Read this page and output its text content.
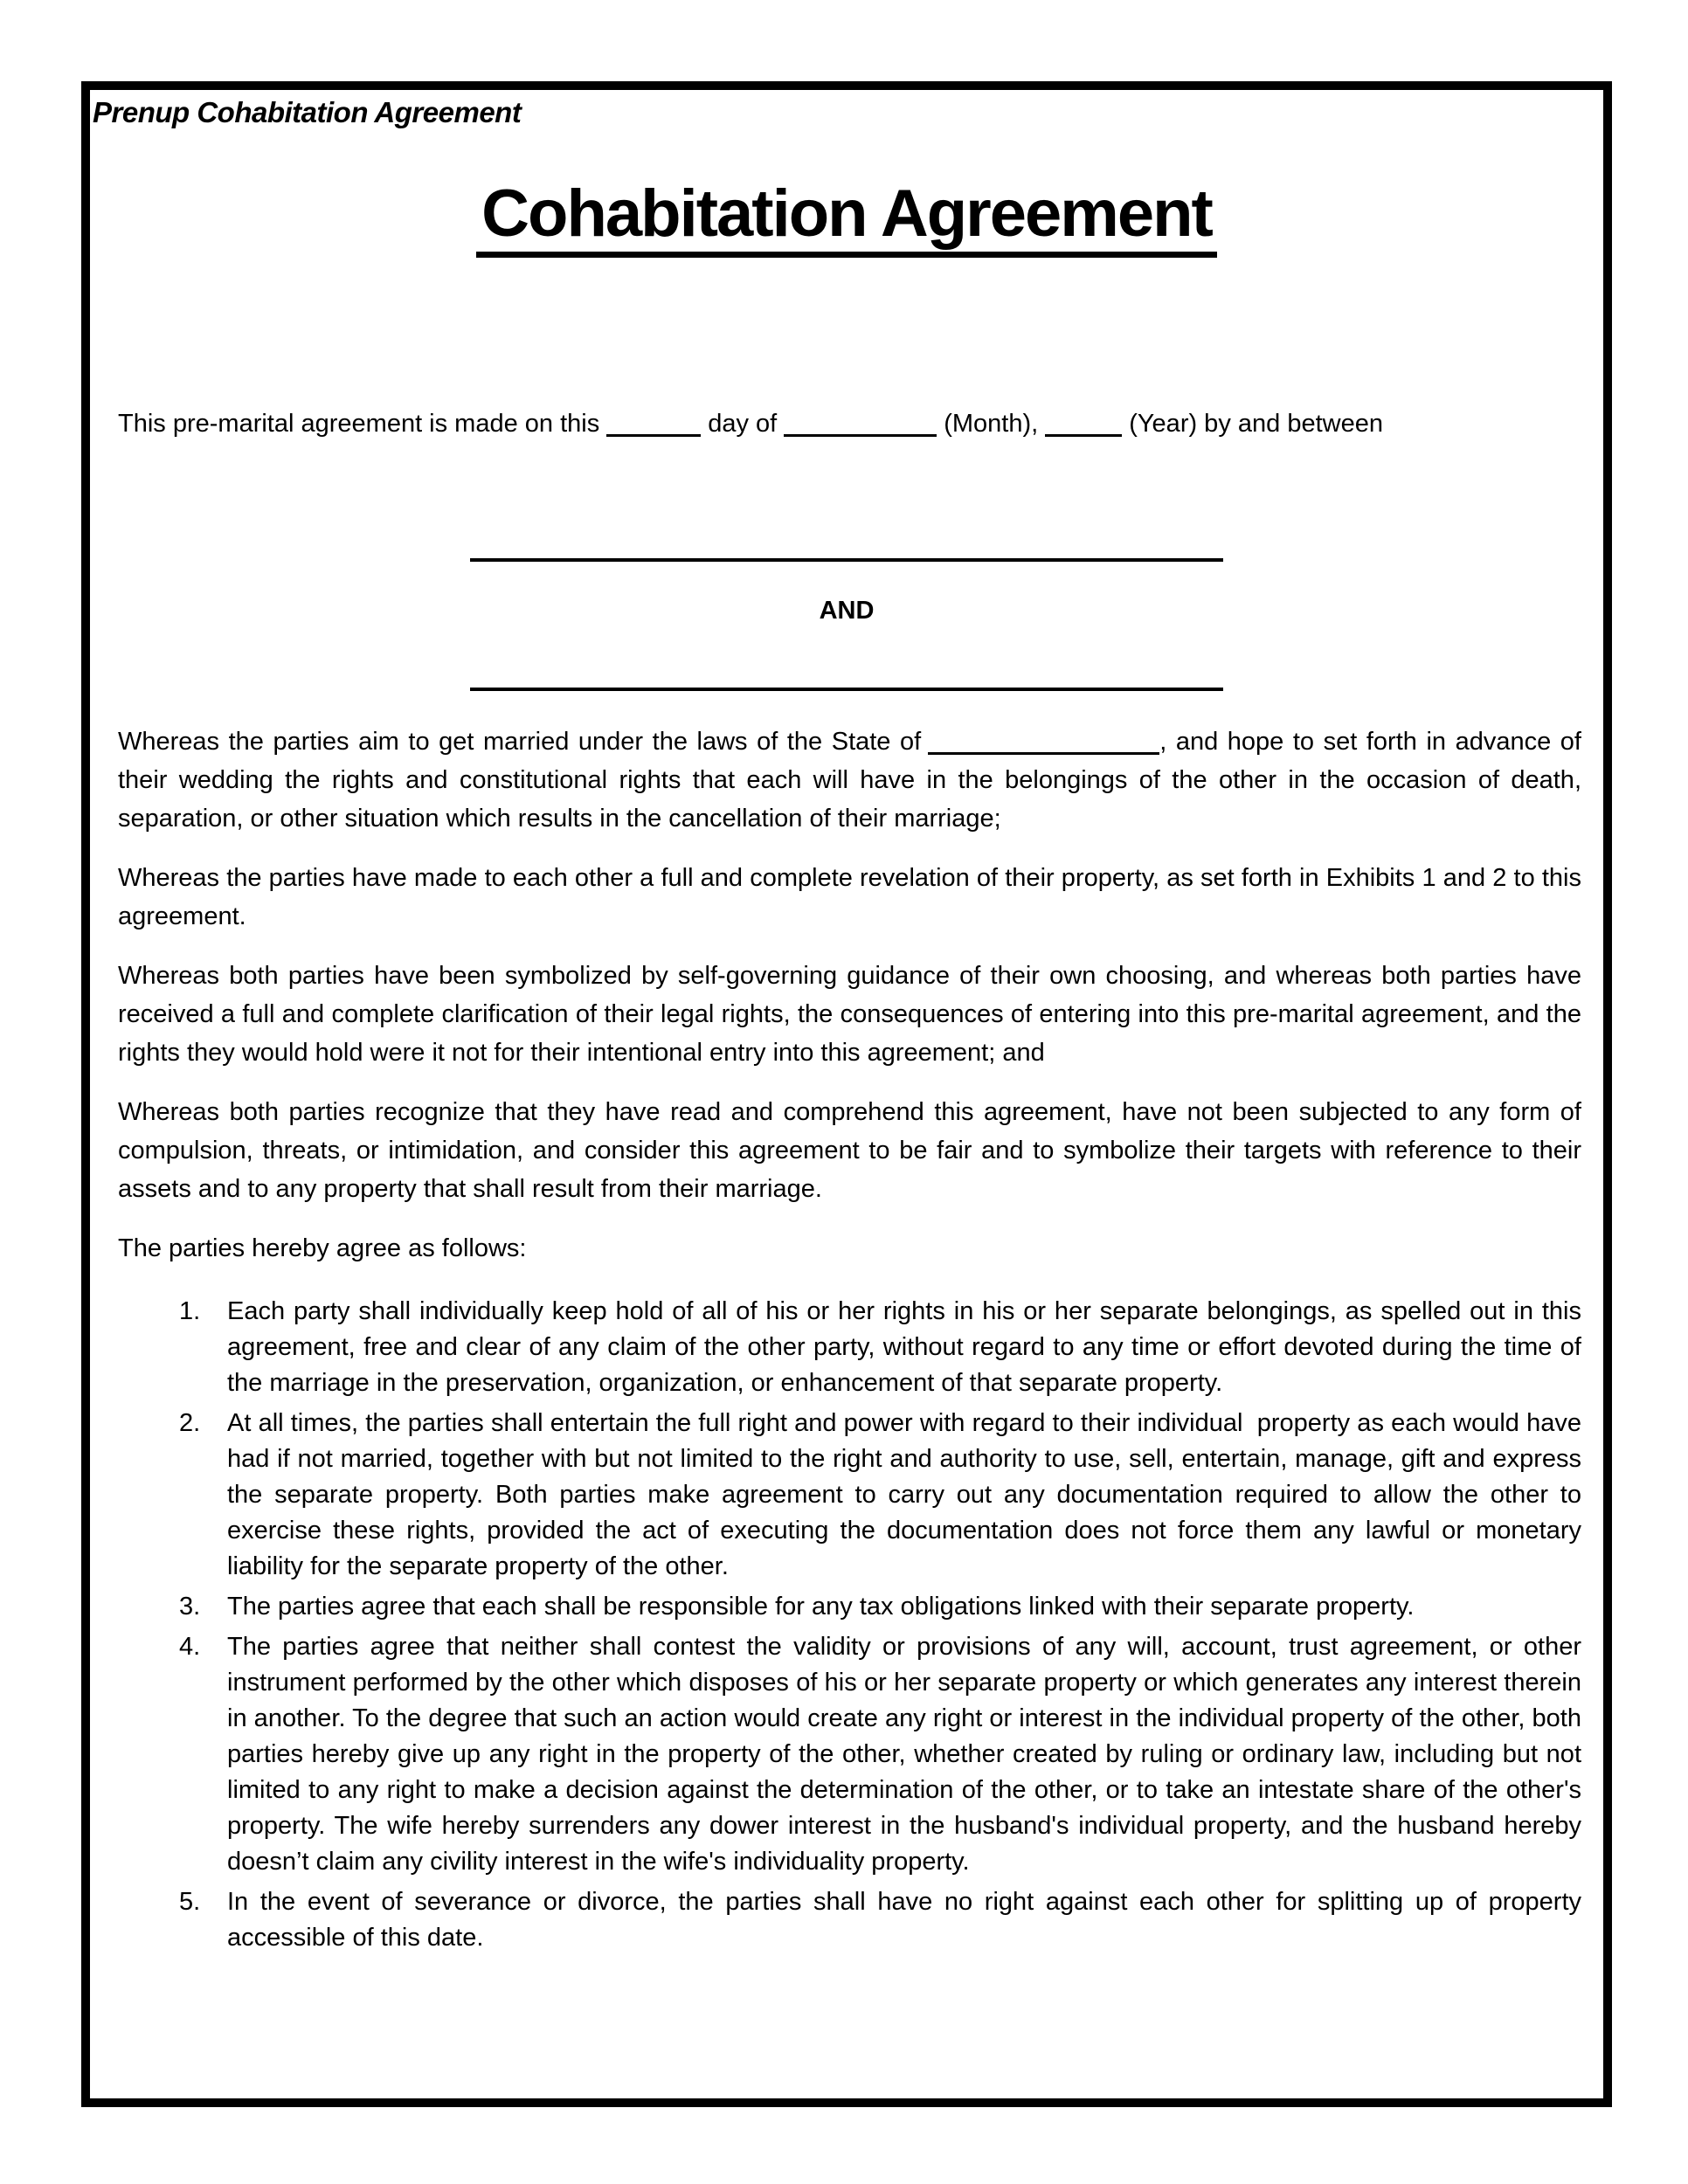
Prenup Cohabitation Agreement
Cohabitation Agreement

This pre-marital agreement is made on this	day of	(Month),	(Year) by and between

AND

Whereas the parties aim to get married under the laws of the State of	, and hope to set forth in advance of their wedding the rights and constitutional rights that each will have in the belongings of the other in the occasion of death, separation, or other situation which results in the cancellation of their marriage;

Whereas the parties have made to each other a full and complete revelation of their property, as set forth in Exhibits 1 and 2 to this agreement.

Whereas both parties have been symbolized by self-governing guidance of their own choosing, and whereas both parties have received a full and complete clarification of their legal rights, the consequences of entering into this pre-marital agreement, and the rights they would hold were it not for their intentional entry into this agreement; and

Whereas both parties recognize that they have read and comprehend this agreement, have not been subjected to any form of compulsion, threats, or intimidation, and consider this agreement to be fair and to symbolize their targets with reference to their assets and to any property that shall result from their marriage.

The parties hereby agree as follows:

Each party shall individually keep hold of all of his or her rights in his or her separate belongings, as spelled out in this agreement, free and clear of any claim of the other party, without regard to any time or effort devoted during the time of the marriage in the preservation, organization, or enhancement of that separate property.
At all times, the parties shall entertain the full right and power with regard to their individual  property as each would have had if not married, together with but not limited to the right and authority to use, sell, entertain, manage, gift and express the separate property. Both parties make agreement to carry out any documentation required to allow the other to exercise these rights, provided the act of executing the documentation does not force them any lawful or monetary liability for the separate property of the other.
The parties agree that each shall be responsible for any tax obligations linked with their separate property.
The parties agree that neither shall contest the validity or provisions of any will, account, trust agreement, or other instrument performed by the other which disposes of his or her separate property or which generates any interest therein in another. To the degree that such an action would create any right or interest in the individual property of the other, both parties hereby give up any right in the property of the other, whether created by ruling or ordinary law, including but not limited to any right to make a decision against the determination of the other, or to take an intestate share of the other's property. The wife hereby surrenders any dower interest in the husband's individual property, and the husband hereby doesn’t claim any civility interest in the wife's individuality property.
In the event of severance or divorce, the parties shall have no right against each other for splitting up of property accessible of this date.
